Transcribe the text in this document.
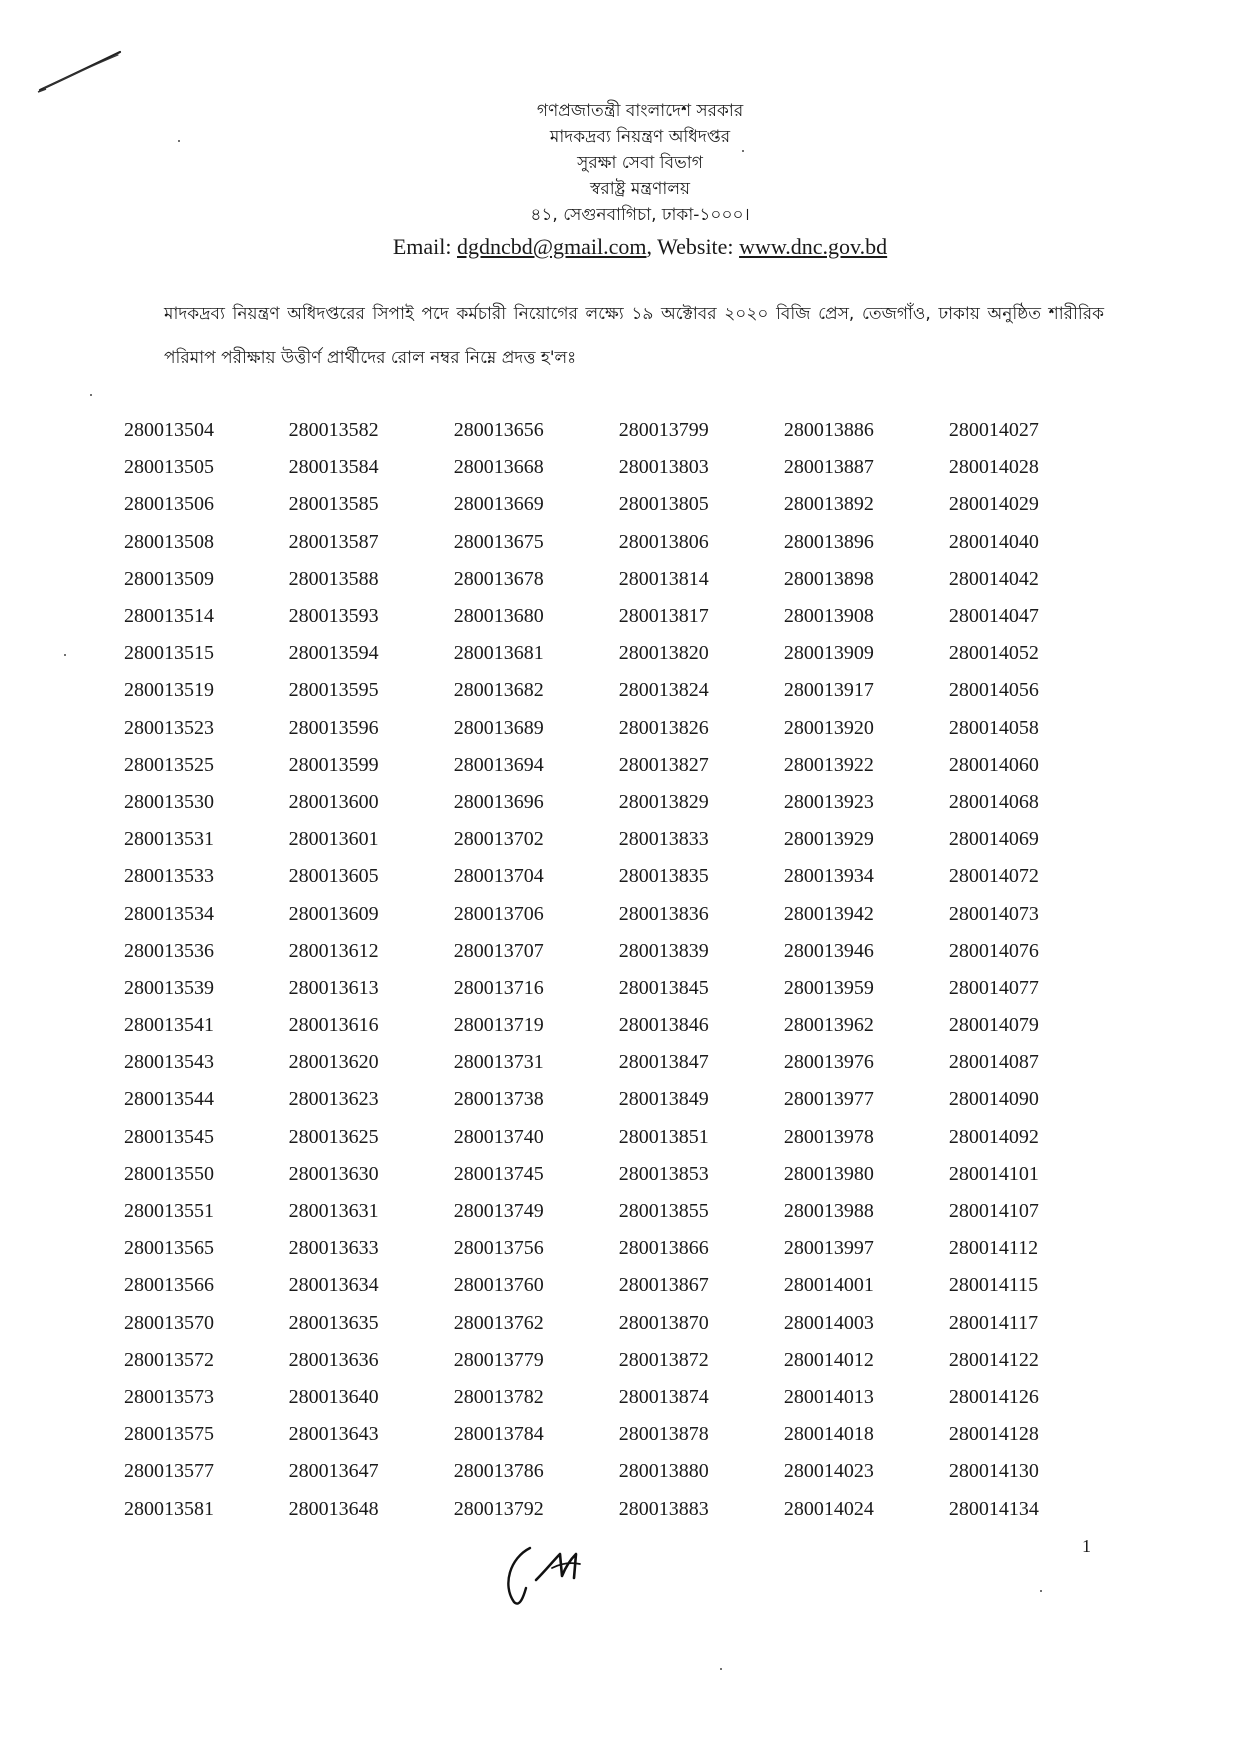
গণপ্রজাতন্ত্রী বাংলাদেশ সরকার
মাদকদ্রব্য নিয়ন্ত্রণ অধিদপ্তর
সুরক্ষা সেবা বিভাগ
স্বরাষ্ট্র মন্ত্রণালয়
৪১, সেগুনবাগিচা, ঢাকা-১০০০।
Email: dgdncbd@gmail.com, Website: www.dnc.gov.bd
মাদকদ্রব্য নিয়ন্ত্রণ অধিদপ্তরের সিপাই পদে কর্মচারী নিয়োগের লক্ষ্যে ১৯ অক্টোবর ২০২০ বিজি প্রেস, তেজগাঁও, ঢাকায় অনুষ্ঠিত শারীরিক পরিমাপ পরীক্ষায় উত্তীর্ণ প্রার্থীদের রোল নম্বর নিম্নে প্রদত্ত হ'লঃ
280013504	280013582	280013656	280013799	280013886	280014027
280013505	280013584	280013668	280013803	280013887	280014028
280013506	280013585	280013669	280013805	280013892	280014029
280013508	280013587	280013675	280013806	280013896	280014040
280013509	280013588	280013678	280013814	280013898	280014042
280013514	280013593	280013680	280013817	280013908	280014047
280013515	280013594	280013681	280013820	280013909	280014052
280013519	280013595	280013682	280013824	280013917	280014056
280013523	280013596	280013689	280013826	280013920	280014058
280013525	280013599	280013694	280013827	280013922	280014060
280013530	280013600	280013696	280013829	280013923	280014068
280013531	280013601	280013702	280013833	280013929	280014069
280013533	280013605	280013704	280013835	280013934	280014072
280013534	280013609	280013706	280013836	280013942	280014073
280013536	280013612	280013707	280013839	280013946	280014076
280013539	280013613	280013716	280013845	280013959	280014077
280013541	280013616	280013719	280013846	280013962	280014079
280013543	280013620	280013731	280013847	280013976	280014087
280013544	280013623	280013738	280013849	280013977	280014090
280013545	280013625	280013740	280013851	280013978	280014092
280013550	280013630	280013745	280013853	280013980	280014101
280013551	280013631	280013749	280013855	280013988	280014107
280013565	280013633	280013756	280013866	280013997	280014112
280013566	280013634	280013760	280013867	280014001	280014115
280013570	280013635	280013762	280013870	280014003	280014117
280013572	280013636	280013779	280013872	280014012	280014122
280013573	280013640	280013782	280013874	280014013	280014126
280013575	280013643	280013784	280013878	280014018	280014128
280013577	280013647	280013786	280013880	280014023	280014130
280013581	280013648	280013792	280013883	280014024	280014134
1
